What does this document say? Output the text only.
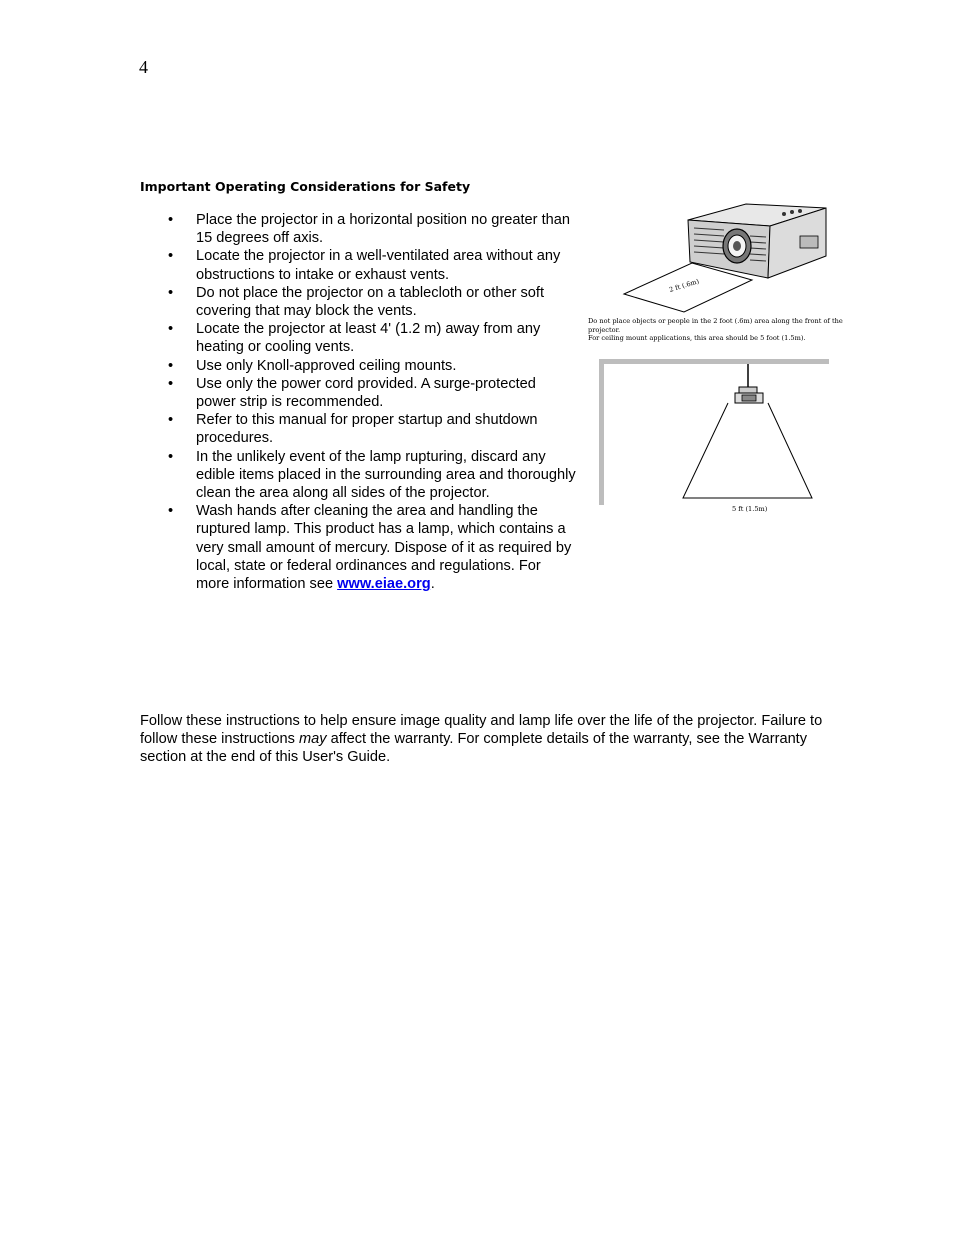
4
Important Operating Considerations for Safety
• Place the projector in a horizontal position no greater than 15 degrees off axis.
• Locate the projector in a well-ventilated area without any obstructions to intake or exhaust vents.
• Do not place the projector on a tablecloth or other soft covering that may block the vents.
• Locate the projector at least 4' (1.2 m) away from any heating or cooling vents.
• Use only Knoll-approved ceiling mounts.
• Use only the power cord provided. A surge-protected power strip is recommended.
• Refer to this manual for proper startup and shutdown procedures.
• In the unlikely event of the lamp rupturing, discard any edible items placed in the surrounding area and thoroughly clean the area along all sides of the projector.
• Wash hands after cleaning the area and handling the ruptured lamp. This product has a lamp, which contains a very small amount of mercury. Dispose of it as required by local, state or federal ordinances and regulations. For more information see www.eiae.org.
2 ft (.6m)
Do not place objects or people in the 2 foot (.6m) area along the front of the projector.
For ceiling mount applications, this area should be 5 foot (1.5m).
5 ft (1.5m)

Follow these instructions to help ensure image quality and lamp life over the life of the projector. Failure to follow these instructions may affect the warranty. For complete details of the warranty, see the Warranty section at the end of this User's Guide.
